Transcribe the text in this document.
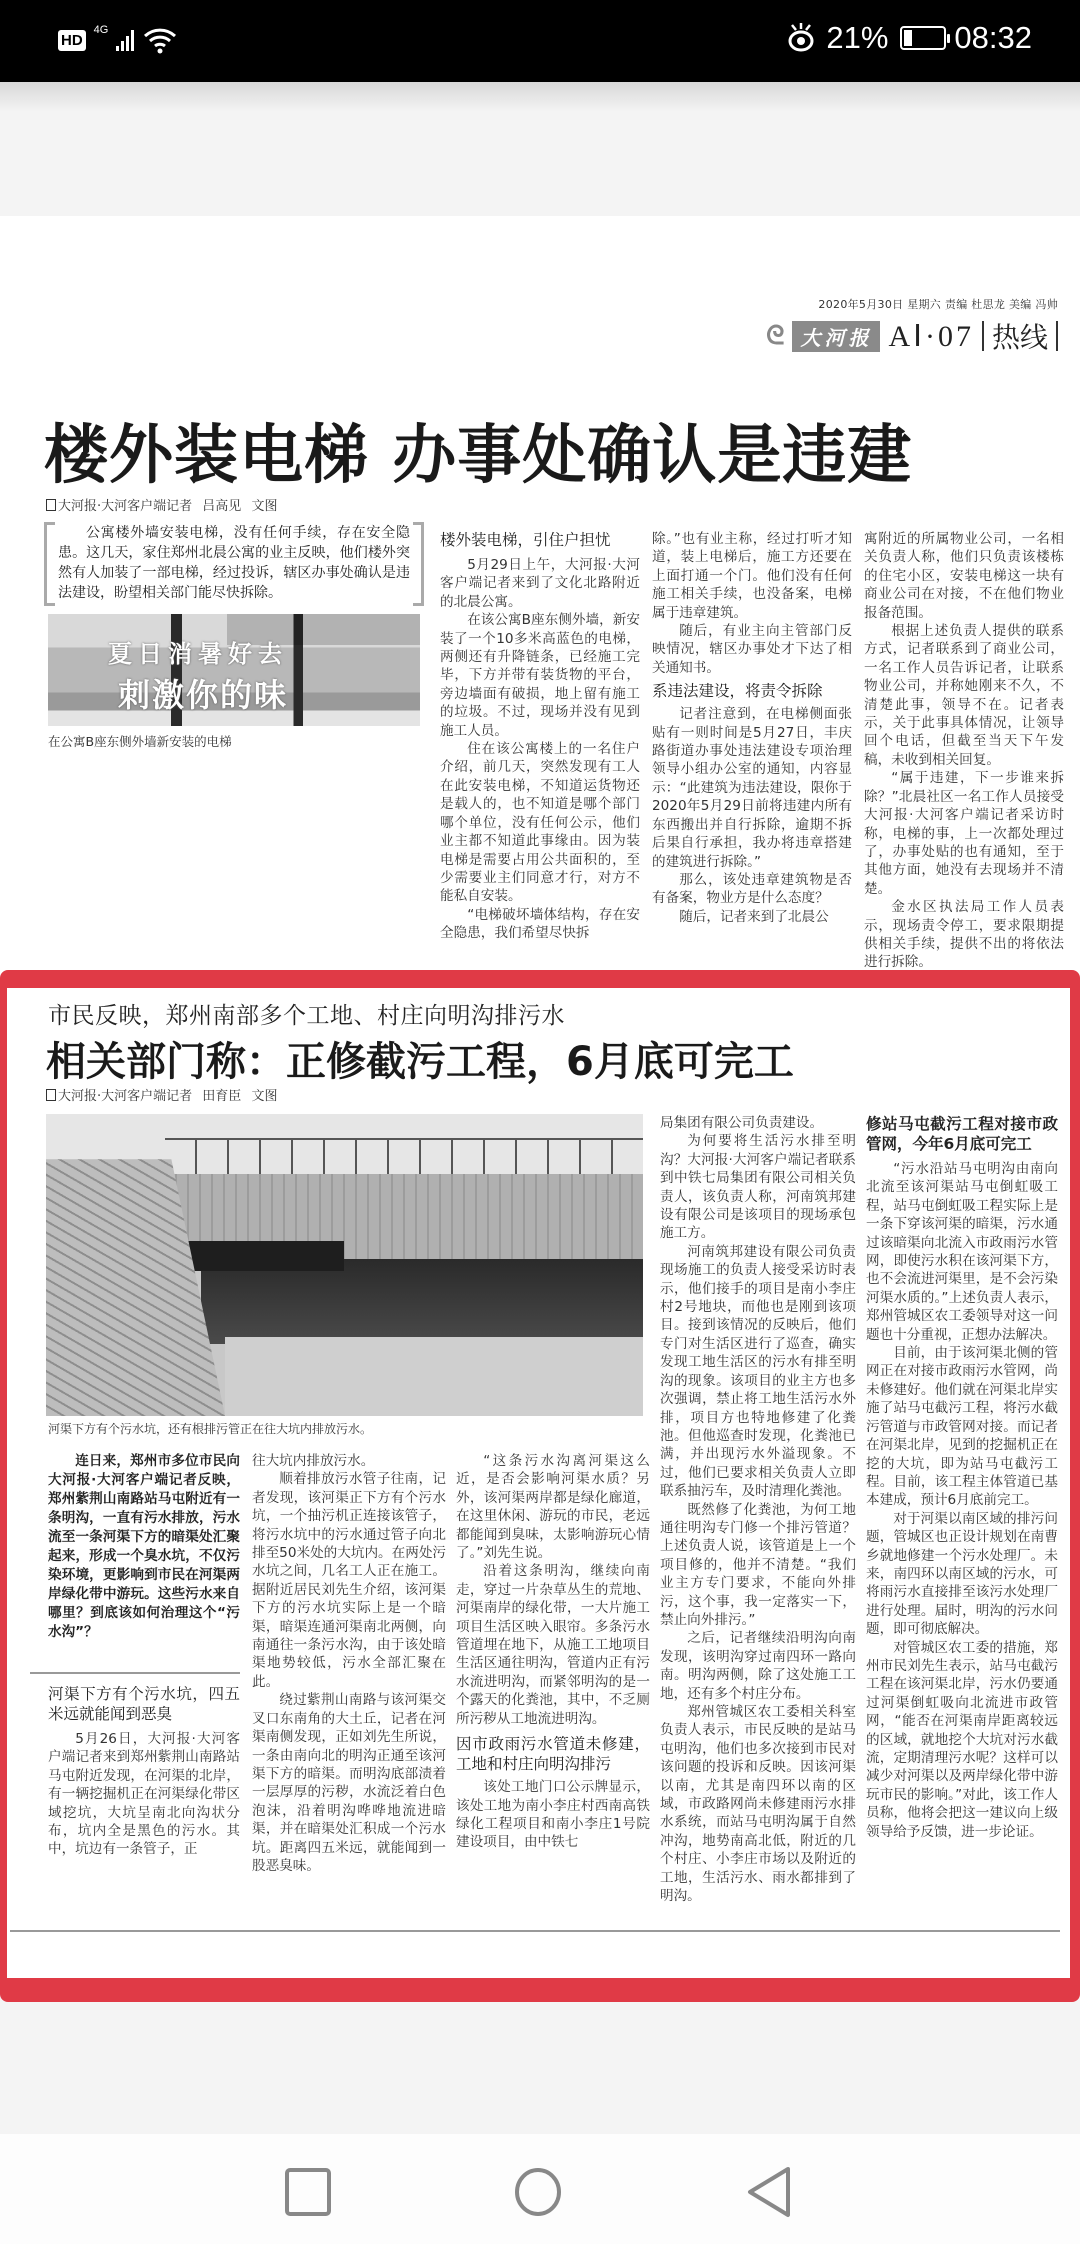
HD
4G	21% 08:32
2020年5月30日 星期六 责编 杜思龙 美编 冯帅
ᘓ 大河报 AⅠ·07 热线
楼外装电梯 办事处确认是违建
大河报·大河客户端记者 吕高见 文图

公寓楼外墙安装电梯，没有任何手续，存在安全隐患。这几天，家住郑州北晨公寓的业主反映，他们楼外突然有人加装了一部电梯，经过投诉，辖区办事处确认是违法建设，盼望相关部门能尽快拆除。

夏日消暑好去
刺激你的味
在公寓B座东侧外墙新安装的电梯
楼外装电梯，引住户担忧

5月29日上午，大河报·大河客户端记者来到了文化北路附近的北晨公寓。

在该公寓B座东侧外墙，新安装了一个10多米高蓝色的电梯，两侧还有升降链条，已经施工完毕，下方并带有装货物的平台，旁边墙面有破损，地上留有施工的垃圾。不过，现场并没有见到施工人员。

住在该公寓楼上的一名住户介绍，前几天，突然发现有工人在此安装电梯，不知道运货物还是载人的，也不知道是哪个部门哪个单位，没有任何公示，他们业主都不知道此事缘由。因为装电梯是需要占用公共面积的，至少需要业主们同意才行，对方不能私自安装。

“电梯破坏墙体结构，存在安全隐患，我们希望尽快拆

除。”也有业主称，经过打听才知道，装上电梯后，施工方还要在上面打通一个门。他们没有任何施工相关手续，也没备案，电梯属于违章建筑。

随后，有业主向主管部门反映情况，辖区办事处才下达了相关通知书。

系违法建设，将责令拆除

记者注意到，在电梯侧面张贴有一则时间是5月27日，丰庆路街道办事处违法建设专项治理领导小组办公室的通知，内容显示：“此建筑为违法建设，限你于2020年5月29日前将违建内所有东西搬出并自行拆除，逾期不拆后果自行承担，我办将违章搭建的建筑进行拆除。”

那么，该处违章建筑物是否有备案，物业方是什么态度？

随后，记者来到了北晨公

寓附近的所属物业公司，一名相关负责人称，他们只负责该楼栋的住宅小区，安装电梯这一块有商业公司在对接，不在他们物业报备范围。

根据上述负责人提供的联系方式，记者联系到了商业公司，一名工作人员告诉记者，让联系物业公司，并称她刚来不久，不清楚此事，领导不在。记者表示，关于此事具体情况，让领导回个电话，但截至当天下午发稿，未收到相关回复。

“属于违建，下一步谁来拆除？”北晨社区一名工作人员接受大河报·大河客户端记者采访时称，电梯的事，上一次都处理过了，办事处贴的也有通知，至于其他方面，她没有去现场并不清楚。

金水区执法局工作人员表示，现场责令停工，要求限期提供相关手续，提供不出的将依法进行拆除。

市民反映，郑州南部多个工地、村庄向明沟排污水
相关部门称：正修截污工程，6月底可完工
大河报·大河客户端记者 田育臣 文图
河渠下方有个污水坑，还有根排污管正在往大坑内排放污水。

连日来，郑州市多位市民向大河报·大河客户端记者反映，郑州紫荆山南路站马屯附近有一条明沟，一直有污水排放，污水流至一条河渠下方的暗渠处汇聚起来，形成一个臭水坑，不仅污染环境，更影响到市民在河渠两岸绿化带中游玩。这些污水来自哪里？到底该如何治理这个“污水沟”？

河渠下方有个污水坑，四五米远就能闻到恶臭

5月26日，大河报·大河客户端记者来到郑州紫荆山南路站马屯附近发现，在河渠的北岸，有一辆挖掘机正在河渠绿化带区域挖坑，大坑呈南北向沟状分布，坑内全是黑色的污水。其中，坑边有一条管子，正

往大坑内排放污水。

顺着排放污水管子往南，记者发现，该河渠正下方有个污水坑，一个抽污机正连接该管子，将污水坑中的污水通过管子向北排至50米处的大坑内。在两处污水坑之间，几名工人正在施工。据附近居民刘先生介绍，该河渠下方的污水坑实际上是一个暗渠，暗渠连通河渠南北两侧，向南通往一条污水沟，由于该处暗渠地势较低，污水全部汇聚在此。

绕过紫荆山南路与该河渠交叉口东南角的大土丘，记者在河渠南侧发现，正如刘先生所说，一条由南向北的明沟正通至该河渠下方的暗渠。而明沟底部渍着一层厚厚的污秽，水流泛着白色泡沫，沿着明沟哗哗地流进暗渠，并在暗渠处汇积成一个污水坑。距离四五米远，就能闻到一股恶臭味。

“这条污水沟离河渠这么近，是否会影响河渠水质？另外，该河渠两岸都是绿化廊道，在这里休闲、游玩的市民，老远都能闻到臭味，太影响游玩心情了。”刘先生说。

沿着这条明沟，继续向南走，穿过一片杂草丛生的荒地、河渠南岸的绿化带，一大片施工项目生活区映入眼帘。多条污水管道埋在地下，从施工工地项目生活区通往明沟，管道内正有污水流进明沟，而紧邻明沟的是一个露天的化粪池，其中，不乏厕所污秽从工地流进明沟。

因市政雨污水管道未修建，工地和村庄向明沟排污

该处工地门口公示牌显示，该处工地为南小李庄村西南高铁绿化工程项目和南小李庄1号院建设项目，由中铁七

局集团有限公司负责建设。

为何要将生活污水排至明沟？大河报·大河客户端记者联系到中铁七局集团有限公司相关负责人，该负责人称，河南筑邦建设有限公司是该项目的现场承包施工方。

河南筑邦建设有限公司负责现场施工的负责人接受采访时表示，他们接手的项目是南小李庄村2号地块，而他也是刚到该项目。接到该情况的反映后，他们专门对生活区进行了巡查，确实发现工地生活区的污水有排至明沟的现象。该项目的业主方也多次强调，禁止将工地生活污水外排，项目方也特地修建了化粪池。但他巡查时发现，化粪池已满，并出现污水外溢现象。不过，他们已要求相关负责人立即联系抽污车，及时清理化粪池。

既然修了化粪池，为何工地通往明沟专门修一个排污管道？上述负责人说，该管道是上一个项目修的，他并不清楚。“我们业主方专门要求，不能向外排污，这个事，我一定落实一下，禁止向外排污。”

之后，记者继续沿明沟向南发现，该明沟穿过南四环一路向南。明沟两侧，除了这处施工工地，还有多个村庄分布。

郑州管城区农工委相关科室负责人表示，市民反映的是站马屯明沟，他们也多次接到市民对该问题的投诉和反映。因该河渠以南，尤其是南四环以南的区域，市政路网尚未修建雨污水排水系统，而站马屯明沟属于自然冲沟，地势南高北低，附近的几个村庄、小李庄市场以及附近的工地，生活污水、雨水都排到了明沟。

修站马屯截污工程对接市政管网，今年6月底可完工

“污水沿站马屯明沟由南向北流至该河渠站马屯倒虹吸工程，站马屯倒虹吸工程实际上是一条下穿该河渠的暗渠，污水通过该暗渠向北流入市政雨污水管网，即使污水积在该河渠下方，也不会流进河渠里，是不会污染河渠水质的。”上述负责人表示，郑州管城区农工委领导对这一问题也十分重视，正想办法解决。

目前，由于该河渠北侧的管网正在对接市政雨污水管网，尚未修建好。他们就在河渠北岸实施了站马屯截污工程，将污水截污管道与市政管网对接。而记者在河渠北岸，见到的挖掘机正在挖的大坑，即为站马屯截污工程。目前，该工程主体管道已基本建成，预计6月底前完工。

对于河渠以南区域的排污问题，管城区也正设计规划在南曹乡就地修建一个污水处理厂。未来，南四环以南区域的污水，可将雨污水直接排至该污水处理厂进行处理。届时，明沟的污水问题，即可彻底解决。

对管城区农工委的措施，郑州市民刘先生表示，站马屯截污工程在该河渠北岸，污水仍要通过河渠倒虹吸向北流进市政管网，“能否在河渠南岸距离较远的区域，就地挖个大坑对污水截流，定期清理污水呢？这样可以减少对河渠以及两岸绿化带中游玩市民的影响。”对此，该工作人员称，他将会把这一建议向上级领导给予反馈，进一步论证。
